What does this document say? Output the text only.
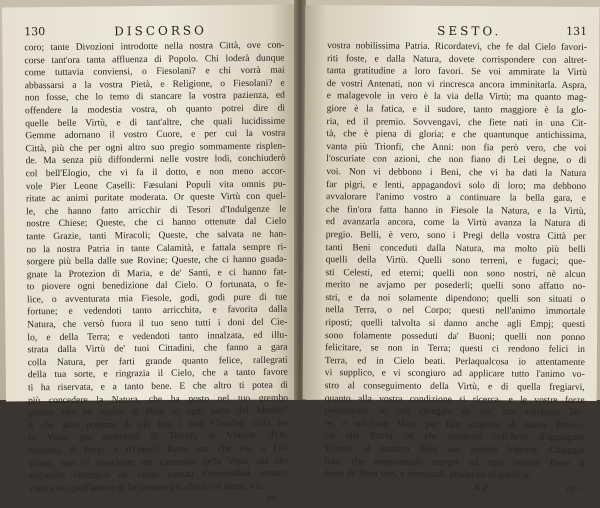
130	DISCORSO
coro; tante Divozioni introdotte nella nostra Città, ove con-
corse tant'ora tanta affluenza di Popolo. Chi loderà dunque
come tuttavia conviensi, o Fiesolani? e chi vorrà mai
abbassarsi a la vostra Pietà, e Religione, o Fiesolani? e
non fosse, che lo temo di stancare la vostra pazienza, ed
offendere la modestia vostra, oh quanto potrei dire di
quelle belle Virtù, e di tant'altre, che quali lucidissime
Gemme adornano il vostro Cuore, e per cui la vostra
Città, più che per ogni altro suo pregio sommamente risplen-
de. Ma senza più diffondermi nelle vostre lodi, conchiuderò
col bell'Elogio, che vi fa il dotto, e non meno accor-
vole Pier Leone Caselli: Fæsulani Populi vita omnis pu-
ritate ac animi puritate moderata. Or queste Virtù con quel-
le, che hanno fatto arricchir di Tesori d'Indulgenze le
nostre Chiese; Queste, che ci hanno ottenute dal Cielo
tante Grazie, tanti Miracoli; Queste, che salvata ne han-
no la nostra Patria in tante Calamità, e fattala sempre ri-
sorgere più bella dalle sue Rovine; Queste, che ci hanno guada-
gnate la Protezion di Maria, e de' Santi, e ci hanno fat-
to piovere ogni benedizione dal Cielo. O fortunata, o fe-
lice, o avventurata mia Fiesole, godi, godi pure di tue
fortune; e vedendoti tanto arricchita, e favorita dalla
Natura, che versò fuora il tuo seno tutti i doni del Cie-
lo, e della Terra; e vedendoti tanto innalzata, ed illu-
strata dalla Virtù de' tuoi Cittadini, che fanno a gara
colla Natura, per farti grande quanto felice, rallegrati
della tua sorte, e ringrazia il Cielo, che a tanto favore
ti ha riservata, e a tanto bene. E che altro ti potea di
più concedere la Natura, che ha posto nel tuo grembo
quanto ella ha sparso di Beni in ogni parte del Mondo?
E che altro poteano di più fare i tuoi Cittadini colla lo-
ro Virtù, per arricchirti di Trionfi, di Vittorie, d'Or-
namenti, di Pregi, e d'Onori? Resta ora, che voi, o Fie-
solani, non vi stanchiate nel cammino della Virtù, ma che
seguendo l'esempio de' vostri passati Concittadini, conser-
viate vivo quell'ardore di far sempre più chiari voi stessi, e la
vo-
SESTO.	131
vostra nobilissima Patria. Ricordatevi, che fe dal Cielo favori-
riti foste, e dalla Natura, dovete corrispondere con altret-
tanta gratitudine a loro favori. Se voi ammirate la Virtù
de vostri Antenati, non vi rincresca ancora imminitarla. Aspra,
e malagevole in vero è la via della Virtù; ma quanto mag-
giore è la fatica, e il sudore, tanto maggiore è la glo-
ria, ed il premio. Sovvengavi, che fiete nati in una Cit-
tà, che è piena di gloria; e che quantunque antichissima,
vanta più Trionfi, che Anni: non fia però vero, che voi
l'oscuriate con azioni, che non fiano di Lei degne, o di
voi. Non vi debbono i Beni, che vi ha dati la Natura
far pigri, e lenti, appagandovi solo di loro; ma debbono
avvalorare l'animo vostro a continuare la bella gara, e
che fin'ora fatta hanno in Fiesole la Natura, e la Virtù,
ed avanzarla ancora, come la Virtù avanza la Natura di
pregio. Belli, è vero, sono i Pregi della vostra Città per
tanti Beni conceduti dalla Natura, ma molto più belli
quelli della Virtù. Quelli sono terreni, e fugaci; que-
sti Celesti, ed eterni; quelli non sono nostri, nè alcun
merito ne avjamo per posederli; quelli sono affatto no-
stri, e da noi solamente dipendono; quelli son situati o
nella Terra, o nel Corpo; questi nell'animo immortale
riposti; quelli talvolta si danno anche agli Empj; questi
sono folamente posseduti da' Buoni; quelli non ponno
felicitare, se non in Terra; questi ci rendono felici in
Terra, ed in Cielo beati. Perlaqualcosa io attentamente
vi supplico, e vi scongiuro ad applicare tutto l'animo vo-
stro al conseguimento della Virtù, e di quella fregiarvi,
quanto alla vostra condizione si ricerca, e le vostre forze
permettono. Io non chieggio da voi, che varchiate Ter-
re, e solchiate Mari, per fare acquisto di nuove Provin-
cie alla Patria, nè che cerchiate coll'Armi d'aggiugner
Vittorie al numero delle sue antiche Vittorie: Chieggio
folo, che anteponendo sempre ad ogni terreno Bene il
desio de' Beni veri, e immortali, procurate di quelli ar-
R 2	ric-
